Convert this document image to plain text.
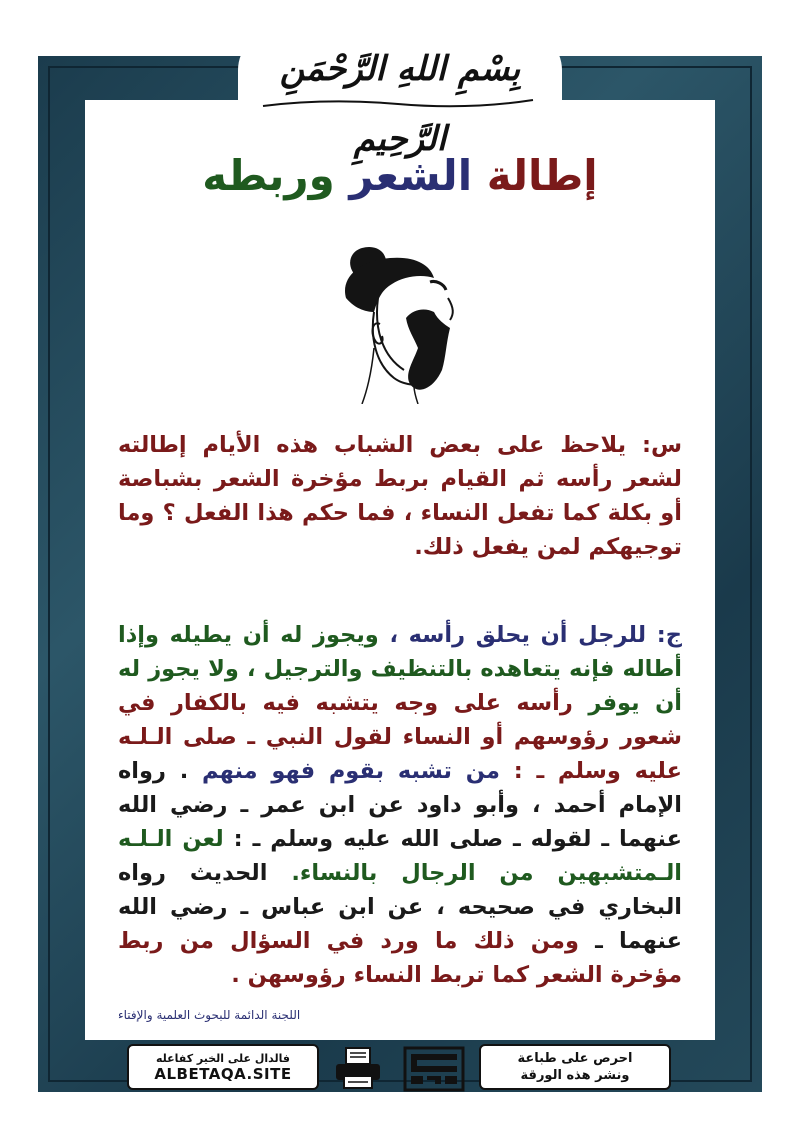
بِسْمِ اللهِ الرَّحْمَنِ الرَّحِيمِ
إطالة الشعر وربطه
س: يلاحظ على بعض الشباب هذه الأيام إطالته لشعر رأسه ثم القيام بربط مؤخرة الشعر بشباصة أو بكلة كما تفعل النساء ، فما حكم هذا الفعل ؟ وما توجيهكم لمن يفعل ذلك.
ج: للرجل أن يحلق رأسه ، ويجوز له أن يطيله وإذا أطاله فإنه يتعاهده بالتنظيف والترجيل ، ولا يجوز له أن يوفر رأسه على وجه يتشبه فيه بالكفار في شعور رؤوسهم أو النساء لقول النبي ـ صلى الـلـه عليه وسلم ـ : من تشبه بقوم فهو منهم . رواه الإمام أحمد ، وأبو داود عن ابن عمر ـ رضي الله عنهما ـ لقوله ـ صلى الله عليه وسلم ـ : لعن الـلـه الـمتشبهين من الرجال بالنساء. الحديث رواه البخاري في صحيحه ، عن ابن عباس ـ رضي الله عنهما ـ ومن ذلك ما ورد في السؤال من ربط مؤخرة الشعر كما تربط النساء رؤوسهن .
اللجنة الدائمة للبحوث العلمية والإفتاء
فالدال على الخير كفاعله
ALBETAQA.SITE
احرص على طباعة
ونشر هذه الورقة
